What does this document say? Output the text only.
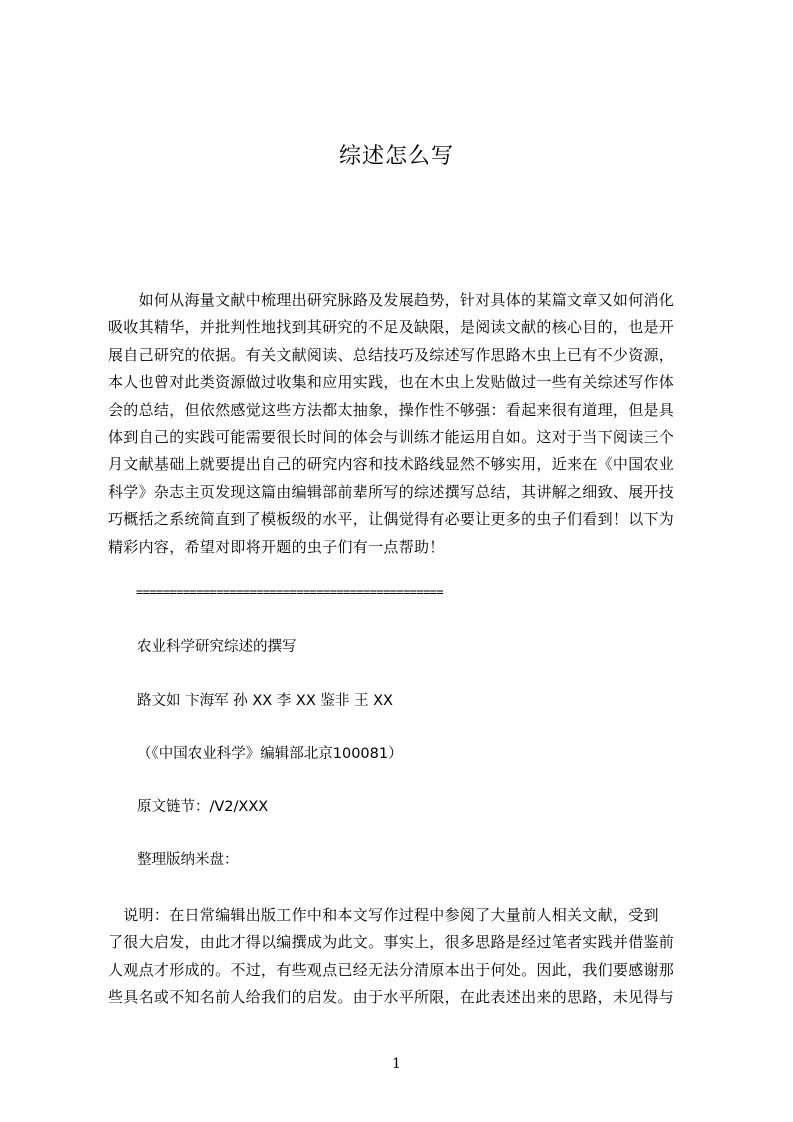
综述怎么写
　　如何从海量文献中梳理出研究脉路及发展趋势，针对具体的某篇文章又如何消化
吸收其精华，并批判性地找到其研究的不足及缺限，是阅读文献的核心目的，也是开
展自己研究的依据。有关文献阅读、总结技巧及综述写作思路木虫上已有不少资源，
本人也曾对此类资源做过收集和应用实践，也在木虫上发贴做过一些有关综述写作体
会的总结，但依然感觉这些方法都太抽象，操作性不够强：看起来很有道理，但是具
体到自己的实践可能需要很长时间的体会与训练才能运用自如。这对于当下阅读三个
月文献基础上就要提出自己的研究内容和技术路线显然不够实用，近来在《中国农业
科学》杂志主页发现这篇由编辑部前辈所写的综述撰写总结，其讲解之细致、展开技
巧概括之系统简直到了模板级的水平，让偶觉得有必要让更多的虫子们看到！以下为
精彩内容，希望对即将开题的虫子们有一点帮助！
==============================================
农业科学研究综述的撰写
路文如 卞海军 孙 XX 李 XX 鉴非 王 XX
（《中国农业科学》编辑部北京100081）
原文链节：/V2/XXX
整理版纳米盘：
　说明：在日常编辑出版工作中和本文写作过程中参阅了大量前人相关文献，受到
了很大启发，由此才得以编撰成为此文。事实上，很多思路是经过笔者实践并借鉴前
人观点才形成的。不过，有些观点已经无法分清原本出于何处。因此，我们要感谢那
些具名或不知名前人给我们的启发。由于水平所限，在此表述出来的思路，未见得与
1
